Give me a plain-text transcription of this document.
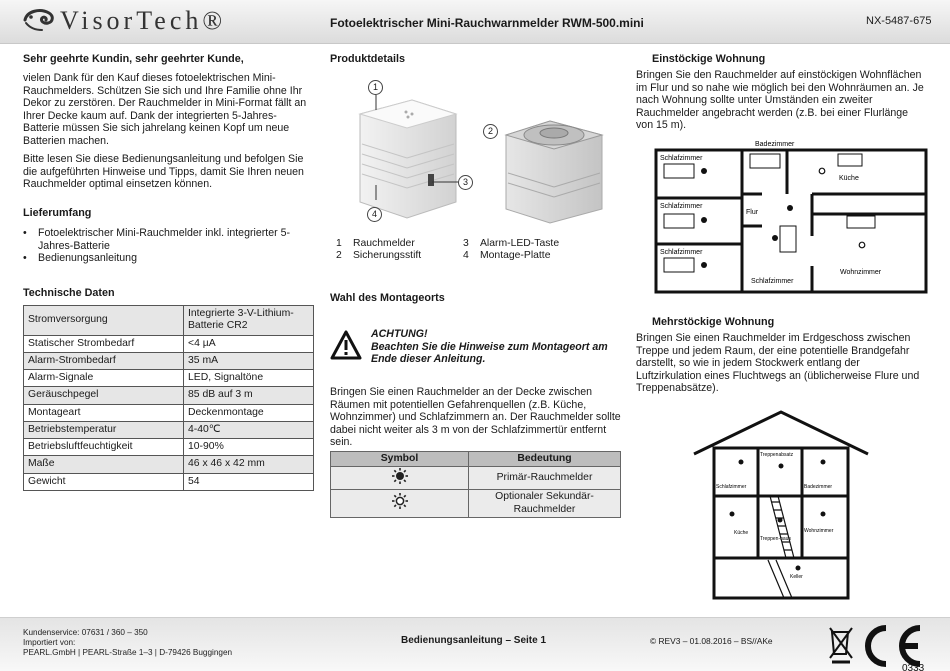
VisorTech®	Fotoelektrischer Mini-Rauchwarnmelder RWM-500.mini	NX-5487-675
Sehr geehrte Kundin, sehr geehrter Kunde,

vielen Dank für den Kauf dieses fotoelektrischen Mini-Rauchmelders. Schützen Sie sich und Ihre Familie ohne Ihr Dekor zu zerstören. Der Rauchmelder in Mini-Format fällt an Ihrer Decke kaum auf. Dank der integrierten 5-Jahres-Batterie müssen Sie sich jahrelang keinen Kopf um neue Batterien machen.

Bitte lesen Sie diese Bedienungsanleitung und befolgen Sie die aufgeführten Hinweise und Tipps, damit Sie Ihren neuen Rauchmelder optimal einsetzen können.

Lieferumfang
• Fotoelektrischer Mini-Rauchmelder inkl. integrierter 5-Jahres-Batterie
• Bedienungsanleitung
Technische Daten
Stromversorgung	Integrierte 3-V-Lithium-Batterie CR2
Statischer Strombedarf	<4 µA
Alarm-Strombedarf	35 mA
Alarm-Signale	LED, Signaltöne
Geräuschpegel	85 dB auf 3 m
Montageart	Deckenmontage
Betriebstemperatur	4-40℃
Betriebsluftfeuchtigkeit	10-90%
Maße	46 x 46 x 42 mm
Gewicht	54
Produktdetails
1
2
3
4
1	Rauchmelder	3	Alarm-LED-Taste
2	Sicherungsstift	4	Montage-Platte
Wahl des Montageorts
ACHTUNG!
Beachten Sie die Hinweise zum Montageort am Ende dieser Anleitung.

Bringen Sie einen Rauchmelder an der Decke zwischen Räumen mit potentiellen Gefahrenquellen (z.B. Küche, Wohnzimmer) und Schlafzimmern an. Der Rauchmelder sollte dabei nicht weiter als 3 m von der Schlafzimmertür entfernt sein.

Symbol	Bedeutung
	Primär-Rauchmelder
	Optionaler Sekundär-Rauchmelder
Einstöckige Wohnung

Bringen Sie den Rauchmelder auf einstöckigen Wohnflächen im Flur und so nahe wie möglich bei den Wohnräumen an. Je nach Wohnung sollte unter Umständen ein zweiter Rauchmelder angebracht werden (z.B. bei einer Flurlänge von 15 m).

Badezimmer
Schlafzimmer
Schlafzimmer
Schlafzimmer
Schlafzimmer
Küche
Flur
Wohnzimmer
Mehrstöckige Wohnung

Bringen Sie einen Rauchmelder im Erdgeschoss zwischen Treppe und jedem Raum, der eine potentielle Brandgefahr darstellt, so wie in jedem Stockwerk entlang der Luftzirkulation eines Fluchtwegs an (üblicherweise Flure und Treppenabsätze).

Treppenabsatz
Schlafzimmer	Badezimmer
Küche
Treppen-haus
Wohnzimmer
Keller
Kundenservice: 07631 / 360 – 350
Importiert von:
PEARL.GmbH | PEARL-Straße 1–3 | D-79426 Buggingen
Bedienungsanleitung – Seite 1	© REV3 – 01.08.2016 – BS//AKe
0333
